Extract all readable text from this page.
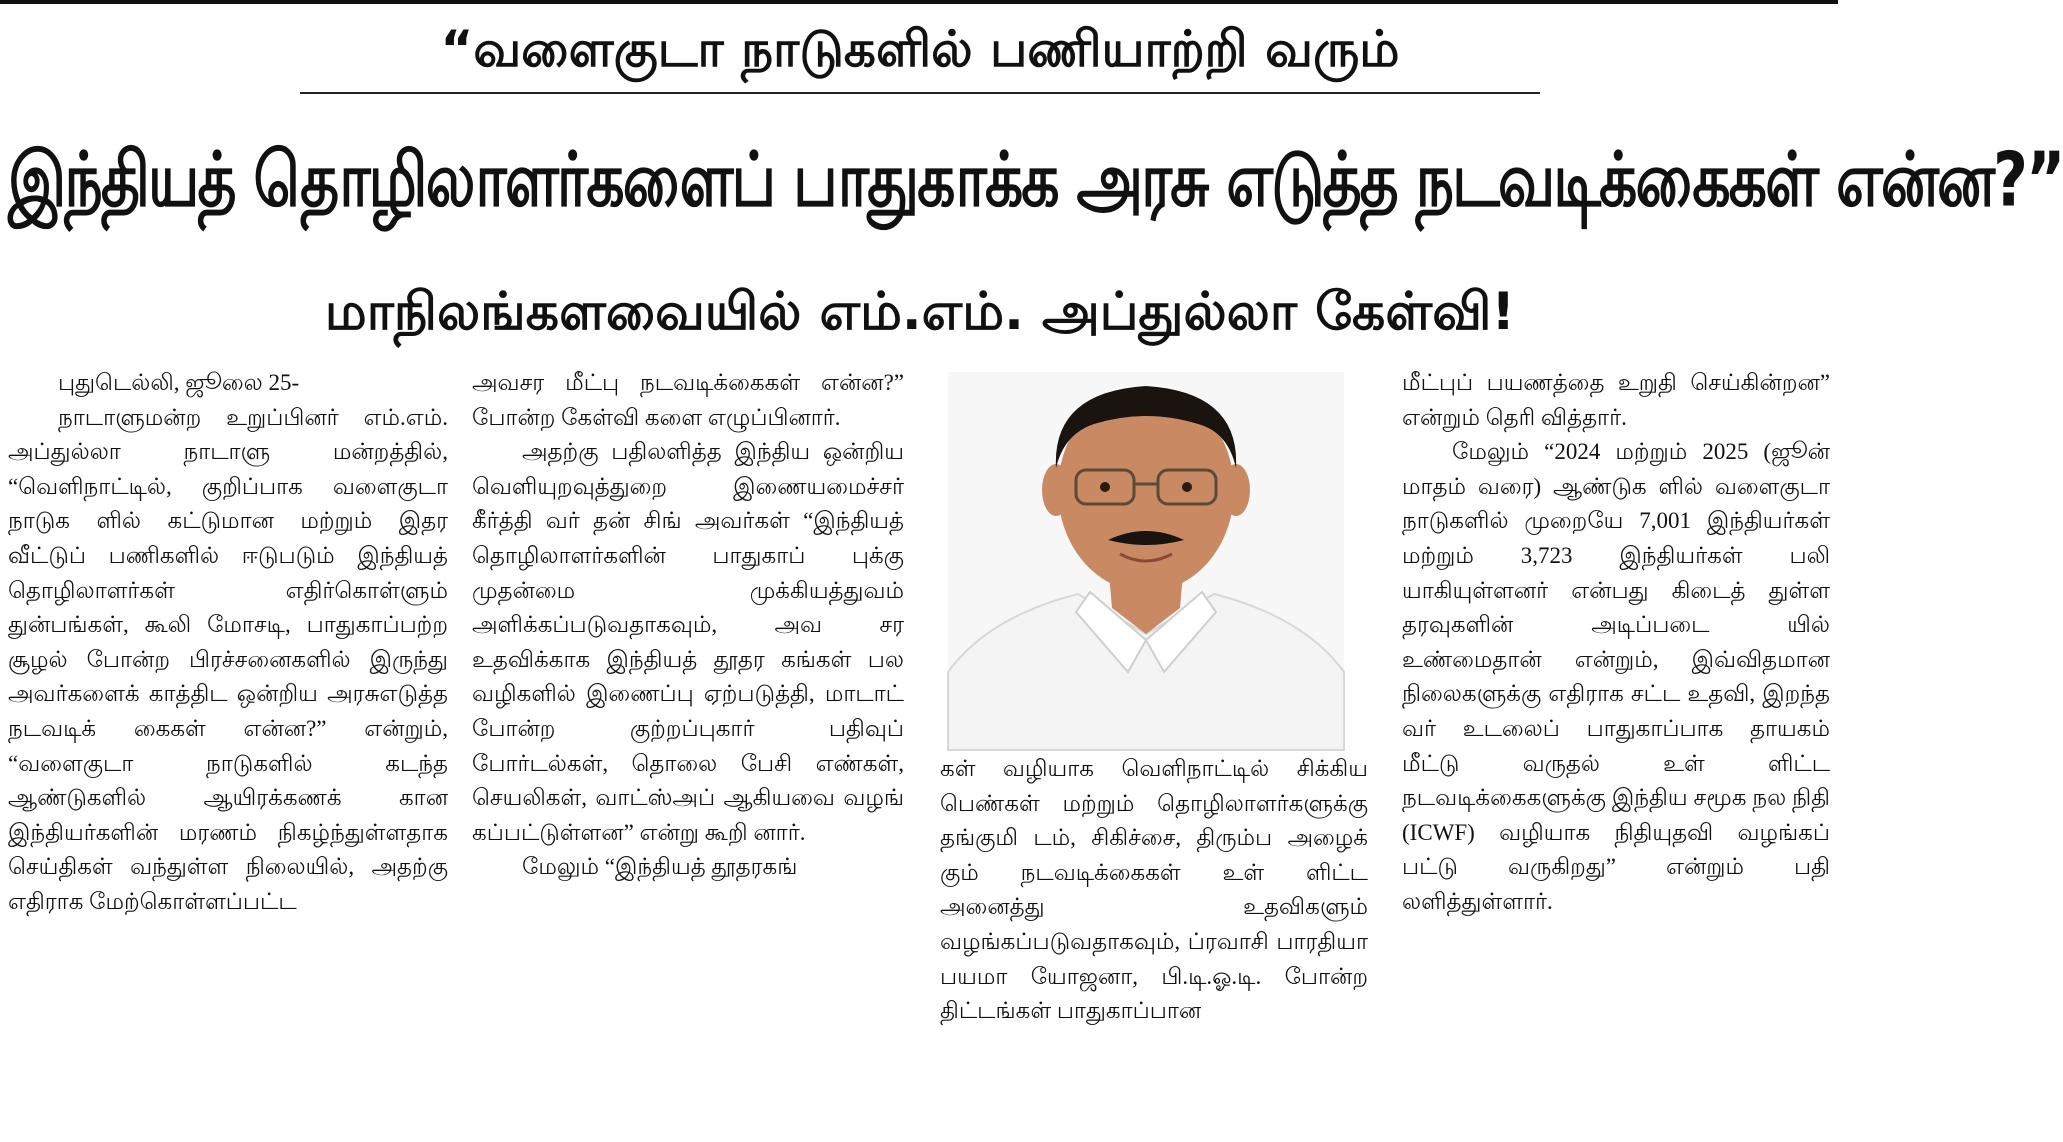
“வளைகுடா நாடுகளில் பணியாற்றி வரும்
இந்தியத் தொழிலாளர்களைப் பாதுகாக்க அரசு எடுத்த நடவடிக்கைகள் என்ன?”
மாநிலங்களவையில் எம்.எம். அப்துல்லா கேள்வி!

புதுடெல்லி, ஜூலை 25-

நாடாளுமன்ற உறுப்பினர் எம்.எம். அப்துல்லா நாடாளு மன்றத்தில், “வெளிநாட்டில், குறிப்பாக வளைகுடா நாடுக ளில் கட்டுமான மற்றும் இதர வீட்டுப் பணிகளில் ஈடுபடும் இந்தியத் தொழிலாளர்கள் எதிர்கொள்ளும் துன்பங்கள், கூலி மோசடி, பாதுகாப்பற்ற சூழல் போன்ற பிரச்சனைகளில் இருந்து அவர்களைக் காத்திட ஒன்றிய அரசுஎடுத்த நடவடிக் கைகள் என்ன?” என்றும், “வளைகுடா நாடுகளில் கடந்த ஆண்டுகளில் ஆயிரக்கணக் கான இந்தியர்களின் மரணம் நிகழ்ந்துள்ளதாக செய்திகள் வந்துள்ள நிலையில், அதற்கு எதிராக மேற்கொள்ளப்பட்ட

அவசர மீட்பு நடவடிக்கைகள் என்ன?” போன்ற கேள்வி களை எழுப்பினார்.

அதற்கு பதிலளித்த இந்திய ஒன்றிய வெளியுறவுத்துறை இணையமைச்சர் கீர்த்தி வர் தன் சிங் அவர்கள் “இந்தியத் தொழிலாளர்களின் பாதுகாப் புக்கு முதன்மை முக்கியத்துவம் அளிக்கப்படுவதாகவும், அவ சர உதவிக்காக இந்தியத் தூதர கங்கள் பல வழிகளில் இணைப்பு ஏற்படுத்தி, மாடாட் போன்ற குற்றப்புகார் பதிவுப் போர்டல்கள், தொலை பேசி எண்கள், செயலிகள், வாட்ஸ்அப் ஆகியவை வழங் கப்பட்டுள்ளன” என்று கூறி னார்.

மேலும் “இந்தியத் தூதரகங்

கள் வழியாக வெளிநாட்டில் சிக்கிய பெண்கள் மற்றும் தொழிலாளர்களுக்கு தங்குமி டம், சிகிச்சை, திரும்ப அழைக் கும் நடவடிக்கைகள் உள் ளிட்ட அனைத்து உதவிகளும் வழங்கப்படுவதாகவும், ப்ரவாசி பாரதியா பயமா யோஜனா, பி.டி.ஓ.டி. போன்ற திட்டங்கள் பாதுகாப்பான

மீட்புப் பயணத்தை உறுதி செய்கின்றன” என்றும் தெரி வித்தார்.

மேலும் “2024 மற்றும் 2025 (ஜூன் மாதம் வரை) ஆண்டுக ளில் வளைகுடா நாடுகளில் முறையே 7,001 இந்தியர்கள் மற்றும் 3,723 இந்தியர்கள் பலி யாகியுள்ளனர் என்பது கிடைத் துள்ள தரவுகளின் அடிப்படை யில் உண்மைதான் என்றும், இவ்விதமான நிலைகளுக்கு எதிராக சட்ட உதவி, இறந்த வர் உடலைப் பாதுகாப்பாக தாயகம் மீட்டு வருதல் உள் ளிட்ட நடவடிக்கைகளுக்கு இந்திய சமூக நல நிதி (ICWF) வழியாக நிதியுதவி வழங்கப் பட்டு வருகிறது” என்றும் பதி லளித்துள்ளார்.
